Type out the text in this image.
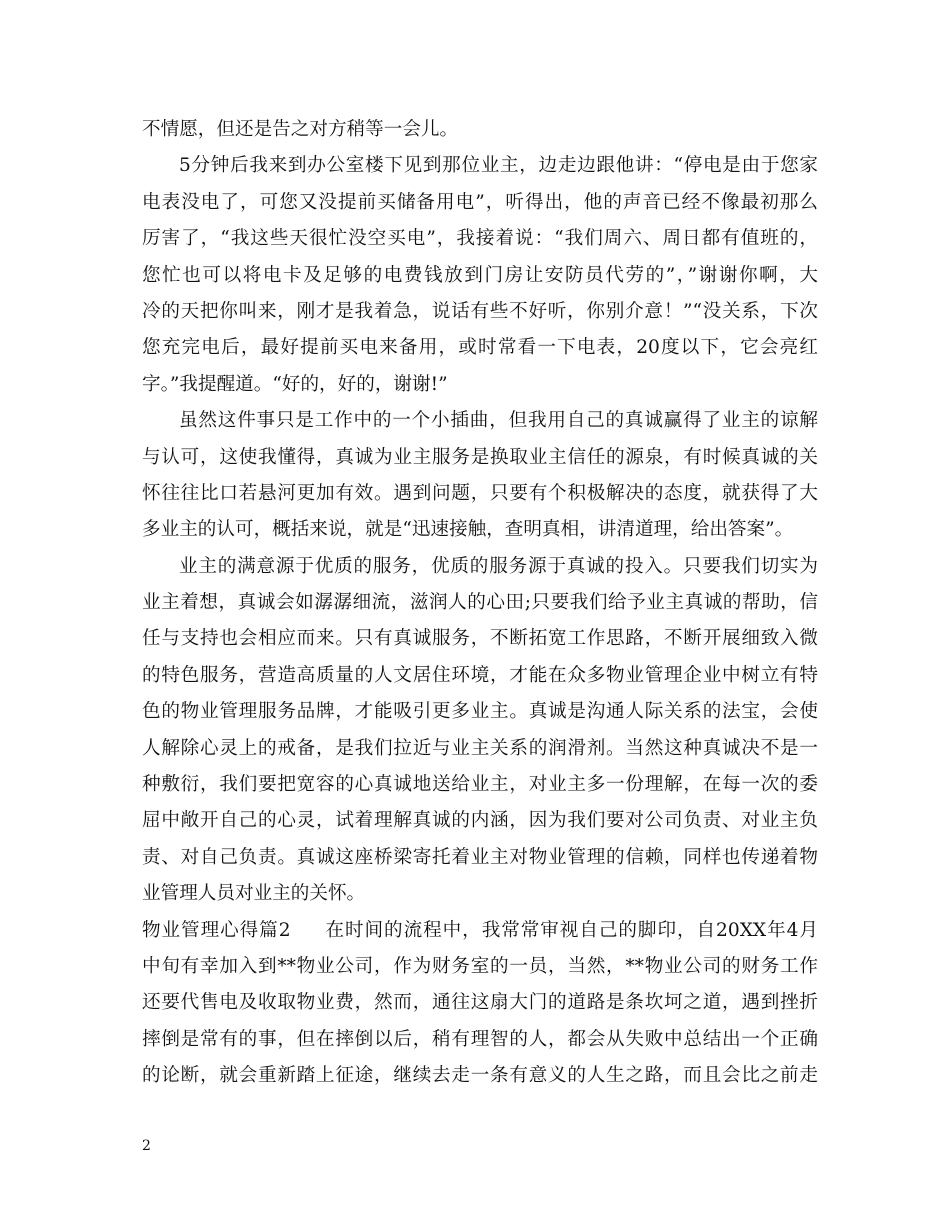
不情愿，但还是告之对方稍等一会儿。

5分钟后我来到办公室楼下见到那位业主，边走边跟他讲：“停电是由于您家
电表没电了，可您又没提前买储备用电”，听得出，他的声音已经不像最初那么
厉害了，“我这些天很忙没空买电”，我接着说：“我们周六、周日都有值班的，
您忙也可以将电卡及足够的电费钱放到门房让安防员代劳的”，”谢谢你啊，大
冷的天把你叫来，刚才是我着急，说话有些不好听，你别介意！”“没关系，下次
您充完电后，最好提前买电来备用，或时常看一下电表，20度以下，它会亮红
字。”我提醒道。“好的，好的，谢谢!”

虽然这件事只是工作中的一个小插曲，但我用自己的真诚赢得了业主的谅解
与认可，这使我懂得，真诚为业主服务是换取业主信任的源泉，有时候真诚的关
怀往往比口若悬河更加有效。遇到问题，只要有个积极解决的态度，就获得了大
多业主的认可，概括来说，就是“迅速接触，查明真相，讲清道理，给出答案”。

业主的满意源于优质的服务，优质的服务源于真诚的投入。只要我们切实为
业主着想，真诚会如潺潺细流，滋润人的心田;只要我们给予业主真诚的帮助，信
任与支持也会相应而来。只有真诚服务，不断拓宽工作思路，不断开展细致入微
的特色服务，营造高质量的人文居住环境，才能在众多物业管理企业中树立有特
色的物业管理服务品牌，才能吸引更多业主。真诚是沟通人际关系的法宝，会使
人解除心灵上的戒备，是我们拉近与业主关系的润滑剂。当然这种真诚决不是一
种敷衍，我们要把宽容的心真诚地送给业主，对业主多一份理解，在每一次的委
屈中敞开自己的心灵，试着理解真诚的内涵，因为我们要对公司负责、对业主负
责、对自己负责。真诚这座桥梁寄托着业主对物业管理的信赖，同样也传递着物
业管理人员对业主的关怀。

物业管理心得篇2 在时间的流程中，我常常审视自己的脚印，自20XX年4月
中旬有幸加入到**物业公司，作为财务室的一员，当然，**物业公司的财务工作
还要代售电及收取物业费，然而，通往这扇大门的道路是条坎坷之道，遇到挫折
摔倒是常有的事，但在摔倒以后，稍有理智的人，都会从失败中总结出一个正确
的论断，就会重新踏上征途，继续去走一条有意义的人生之路，而且会比之前走

2
